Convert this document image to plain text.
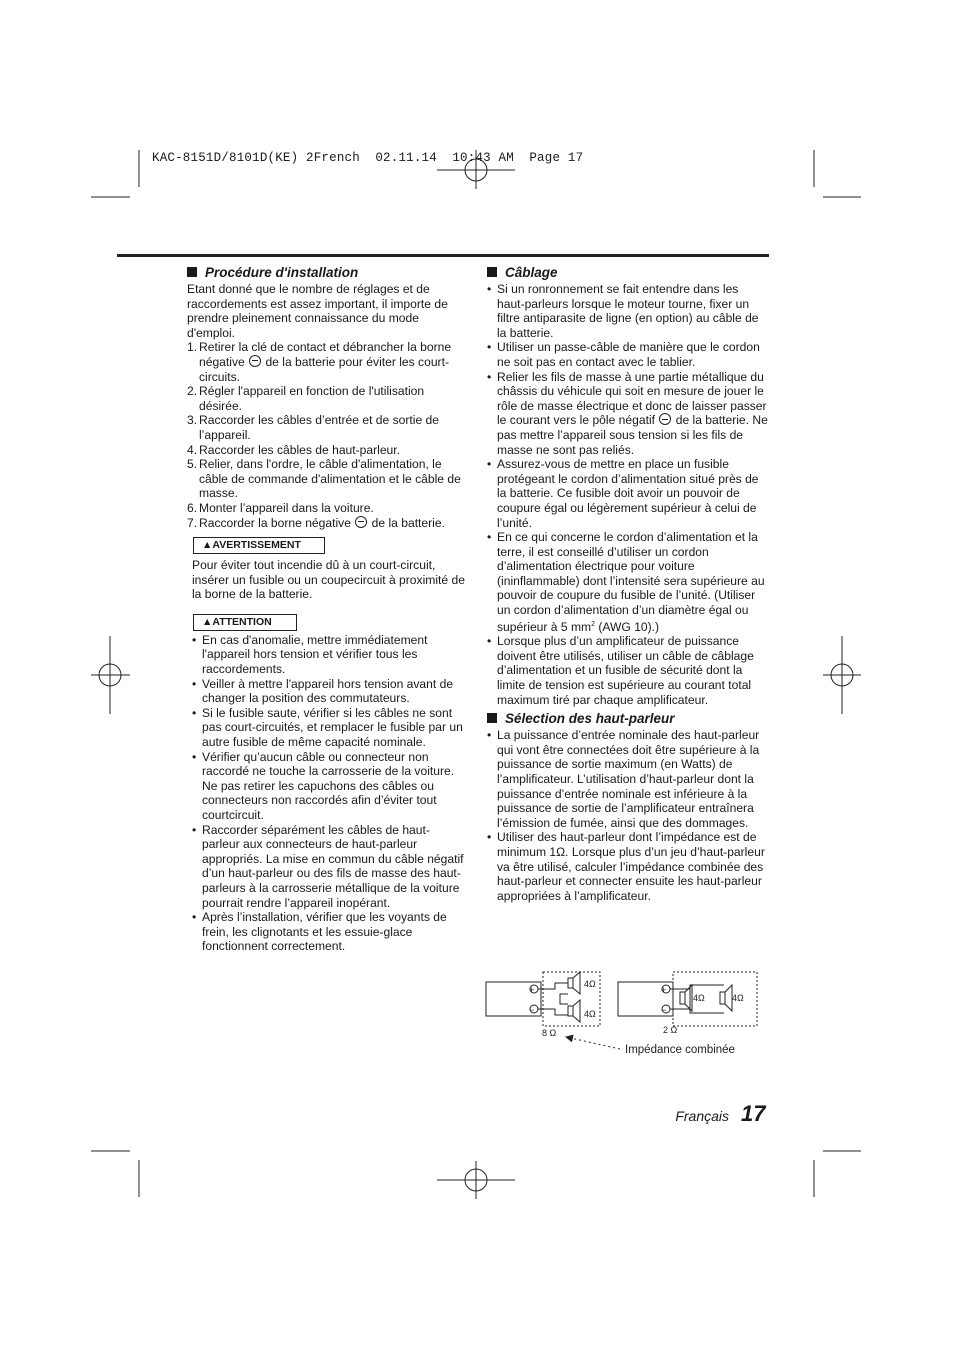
KAC-8151D/8101D(KE) 2French  02.11.14  10:43 AM  Page 17
Procédure d'installation

Etant donné que le nombre de réglages et de raccordements est assez important, il importe de prendre pleinement connaissance du mode d'emploi.

1. Retirer la clé de contact et débrancher la borne négative  de la batterie pour éviter les court-circuits.
2. Régler l'appareil en fonction de l'utilisation désirée.
3. Raccorder les câbles d’entrée et de sortie de l’appareil.
4. Raccorder les câbles de haut-parleur.
5. Relier, dans l'ordre, le câble d'alimentation, le câble de commande d'alimentation et le câble de masse.
6. Monter l’appareil dans la voiture.
7. Raccorder la borne négative  de la batterie.
▲AVERTISSEMENT

Pour éviter tout incendie dû à un court-circuit, insérer un fusible ou un coupecircuit à proximité de la borne de la batterie.

▲ATTENTION
• En cas d'anomalie, mettre immédiatement l'appareil hors tension et vérifier tous les raccordements.
• Veiller à mettre l'appareil hors tension avant de changer la position des commutateurs.
• Si le fusible saute, vérifier si les câbles ne sont pas court-circuités, et remplacer le fusible par un autre fusible de même capacité nominale.
• Vérifier qu’aucun câble ou connecteur non raccordé ne touche la carrosserie de la voiture. Ne pas retirer les capuchons des câbles ou connecteurs non raccordés afin d’éviter tout courtcircuit.
• Raccorder séparément les câbles de haut-parleur aux connecteurs de haut-parleur appropriés. La mise en commun du câble négatif d’un haut-parleur ou des fils de masse des haut-parleurs à la carrosserie métallique de la voiture pourrait rendre l’appareil inopérant.
• Après l’installation, vérifier que les voyants de frein, les clignotants et les essuie-glace fonctionnent correctement.
Câblage
• Si un ronronnement se fait entendre dans les haut-parleurs lorsque le moteur tourne, fixer un filtre antiparasite de ligne (en option) au câble de la batterie.
• Utiliser un passe-câble de manière que le cordon ne soit pas en contact avec le tablier.
• Relier les fils de masse à une partie métallique du châssis du véhicule qui soit en mesure de jouer le rôle de masse électrique et donc de laisser passer le courant vers le pôle négatif  de la batterie. Ne pas mettre l’appareil sous tension si les fils de masse ne sont pas reliés.
• Assurez-vous de mettre en place un fusible protégeant le cordon d’alimentation situé près de la batterie. Ce fusible doit avoir un pouvoir de coupure égal ou légèrement supérieur à celui de l’unité.
• En ce qui concerne le cordon d’alimentation et la terre, il est conseillé d’utiliser un cordon d’alimentation électrique pour voiture (ininflammable) dont l’intensité sera supérieure au pouvoir de coupure du fusible de l’unité. (Utiliser un cordon d’alimentation d’un diamètre égal ou supérieur à 5 $mm^2$ (AWG 10).)
• Lorsque plus d’un amplificateur de puissance doivent être utilisés, utiliser un câble de câblage d’alimentation et un fusible de sécurité dont la limite de tension est supérieure au courant total maximum tiré par chaque amplificateur.
Sélection des haut-parleur
• La puissance d’entrée nominale des haut-parleur qui vont être connectées doit être supérieure à la puissance de sortie maximum (en Watts) de l’amplificateur. L’utilisation d’haut-parleur dont la puissance d’entrée nominale est inférieure à la puissance de sortie de l’amplificateur entraînera l’émission de fumée, ainsi que des dommages.
• Utiliser des haut-parleur dont l’impédance est de minimum 1Ω. Lorsque plus d’un jeu d’haut-parleur va être utilisé, calculer l’impédance combinée des haut-parleur et connecter ensuite les haut-parleur appropriées à l’amplificateur.
+
−
+
−
4Ω
4Ω
8 Ω
4Ω	4Ω
2 Ω
Impédance combinée
Français 17
